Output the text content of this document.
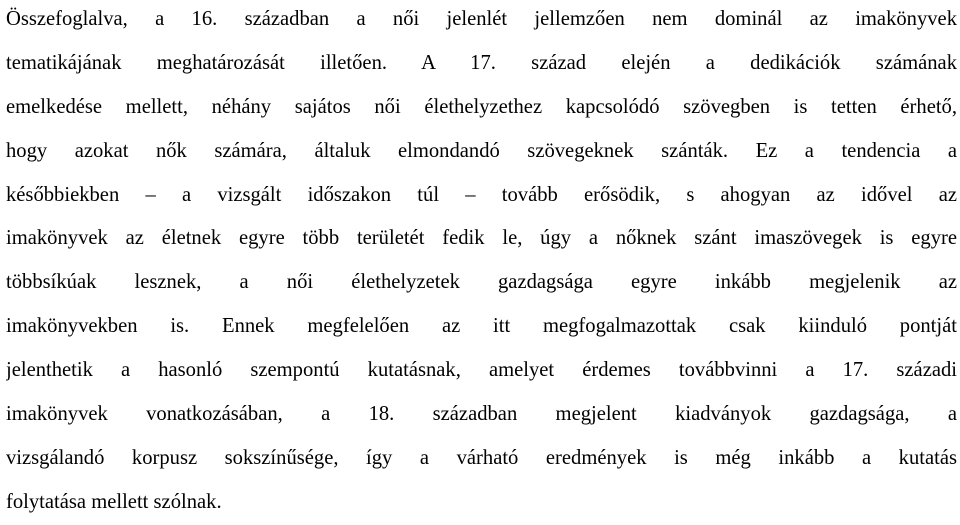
Összefoglalva, a 16. században a női jelenlét jellemzően nem dominál az imakönyvek
tematikájának meghatározását illetően. A 17. század elején a dedikációk számának
emelkedése mellett, néhány sajátos női élethelyzethez kapcsolódó szövegben is tetten érhető,
hogy azokat nők számára, általuk elmondandó szövegeknek szánták. Ez a tendencia a
későbbiekben – a vizsgált időszakon túl – tovább erősödik, s ahogyan az idővel az
imakönyvek az életnek egyre több területét fedik le, úgy a nőknek szánt imaszövegek is egyre
többsíkúak lesznek, a női élethelyzetek gazdagsága egyre inkább megjelenik az
imakönyvekben is. Ennek megfelelően az itt megfogalmazottak csak kiinduló pontját
jelenthetik a hasonló szempontú kutatásnak, amelyet érdemes továbbvinni a 17. századi
imakönyvek vonatkozásában, a 18. században megjelent kiadványok gazdagsága, a
vizsgálandó korpusz sokszínűsége, így a várható eredmények is még inkább a kutatás
folytatása mellett szólnak.
